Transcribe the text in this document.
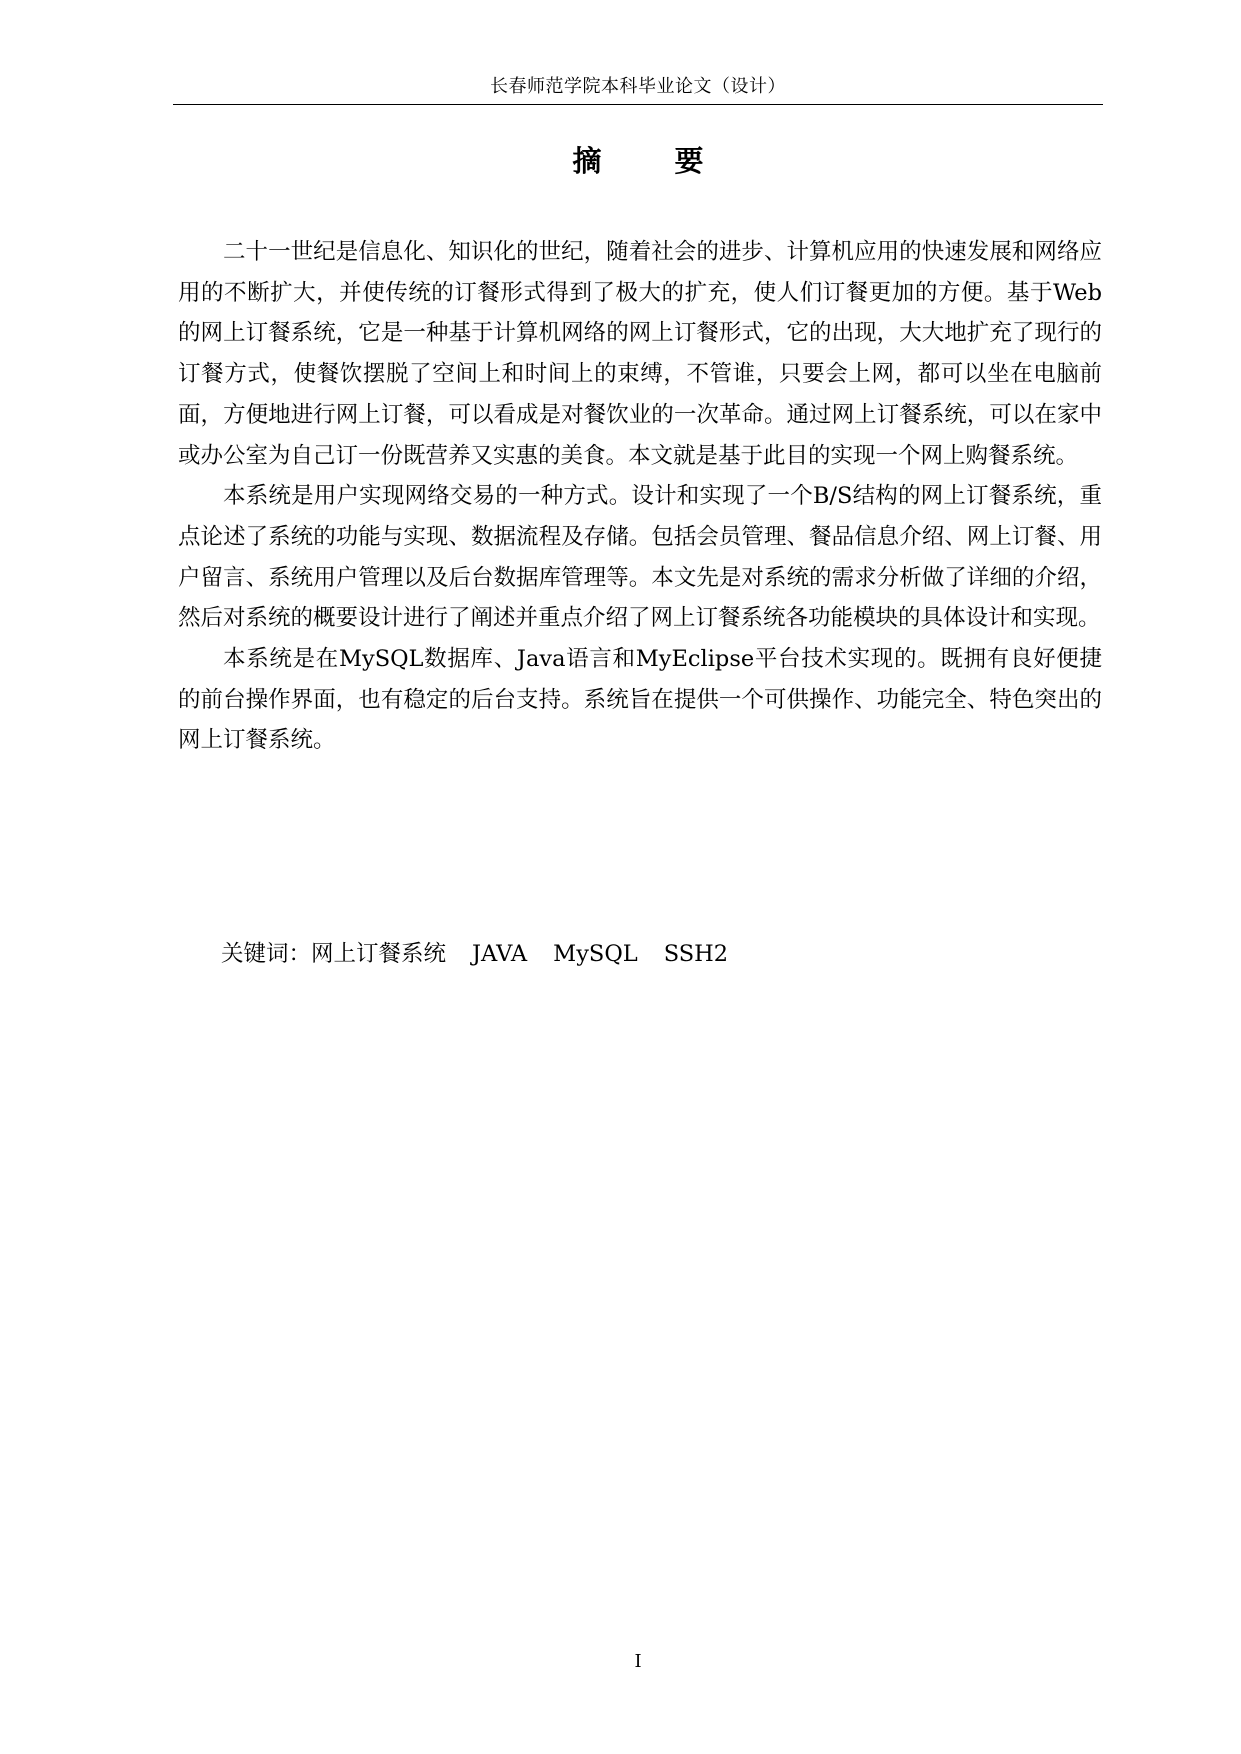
长春师范学院本科毕业论文（设计）
摘　要

二十一世纪是信息化、知识化的世纪，随着社会的进步、计算机应用的快速发展和网络应用的不断扩大，并使传统的订餐形式得到了极大的扩充，使人们订餐更加的方便。基于Web的网上订餐系统，它是一种基于计算机网络的网上订餐形式，它的出现，大大地扩充了现行的订餐方式，使餐饮摆脱了空间上和时间上的束缚，不管谁，只要会上网，都可以坐在电脑前面，方便地进行网上订餐，可以看成是对餐饮业的一次革命。通过网上订餐系统，可以在家中或办公室为自己订一份既营养又实惠的美食。本文就是基于此目的实现一个网上购餐系统。

本系统是用户实现网络交易的一种方式。设计和实现了一个B/S结构的网上订餐系统，重点论述了系统的功能与实现、数据流程及存储。包括会员管理、餐品信息介绍、网上订餐、用户留言、系统用户管理以及后台数据库管理等。本文先是对系统的需求分析做了详细的介绍，然后对系统的概要设计进行了阐述并重点介绍了网上订餐系统各功能模块的具体设计和实现。

本系统是在MySQL数据库、Java语言和MyEclipse平台技术实现的。既拥有良好便捷的前台操作界面，也有稳定的后台支持。系统旨在提供一个可供操作、功能完全、特色突出的网上订餐系统。

关键词：网上订餐系统 JAVA MySQL SSH2
I
